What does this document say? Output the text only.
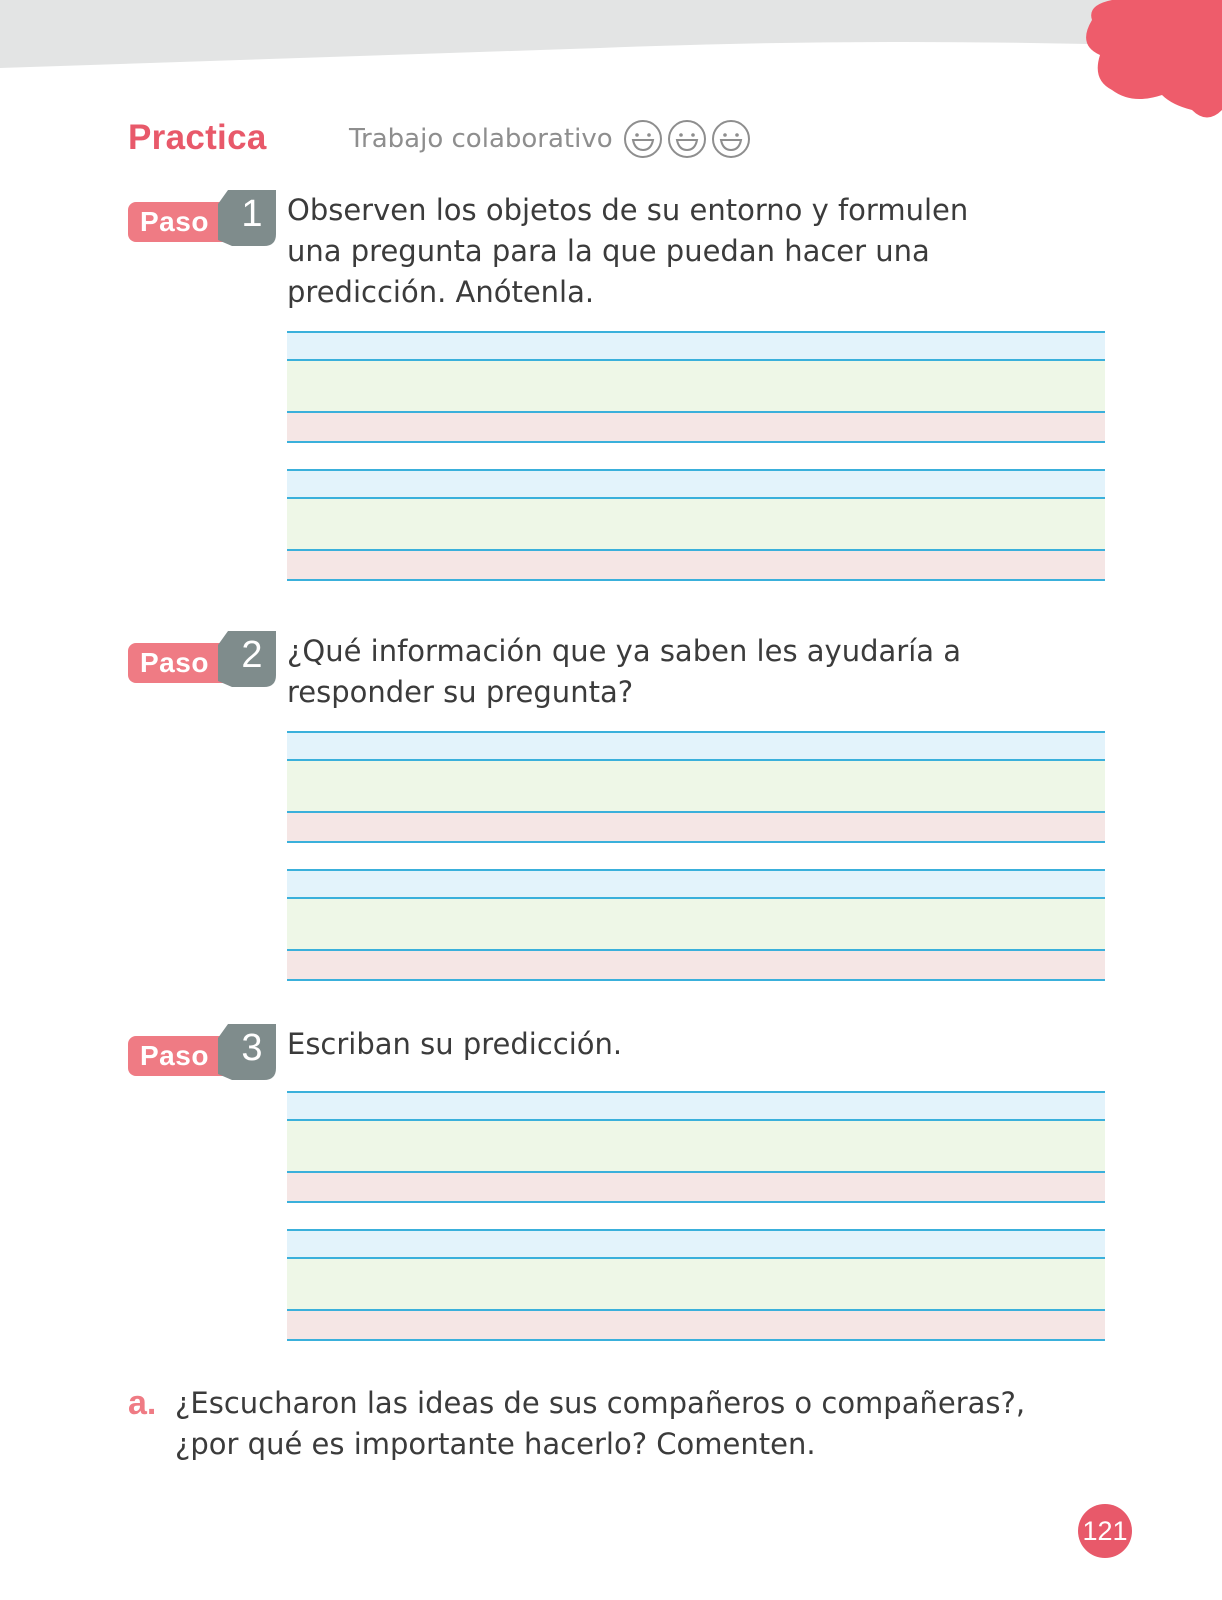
Practica	Trabajo colaborativo
Paso 1 Observen los objetos de su entorno y formulen
una pregunta para la que puedan hacer una
predicción. Anótenla.
Paso 2 ¿Qué información que ya saben les ayudaría a
responder su pregunta?
Paso 3 Escriban su predicción.
a. ¿Escucharon las ideas de sus compañeros o compañeras?,
¿por qué es importante hacerlo? Comenten.
121
